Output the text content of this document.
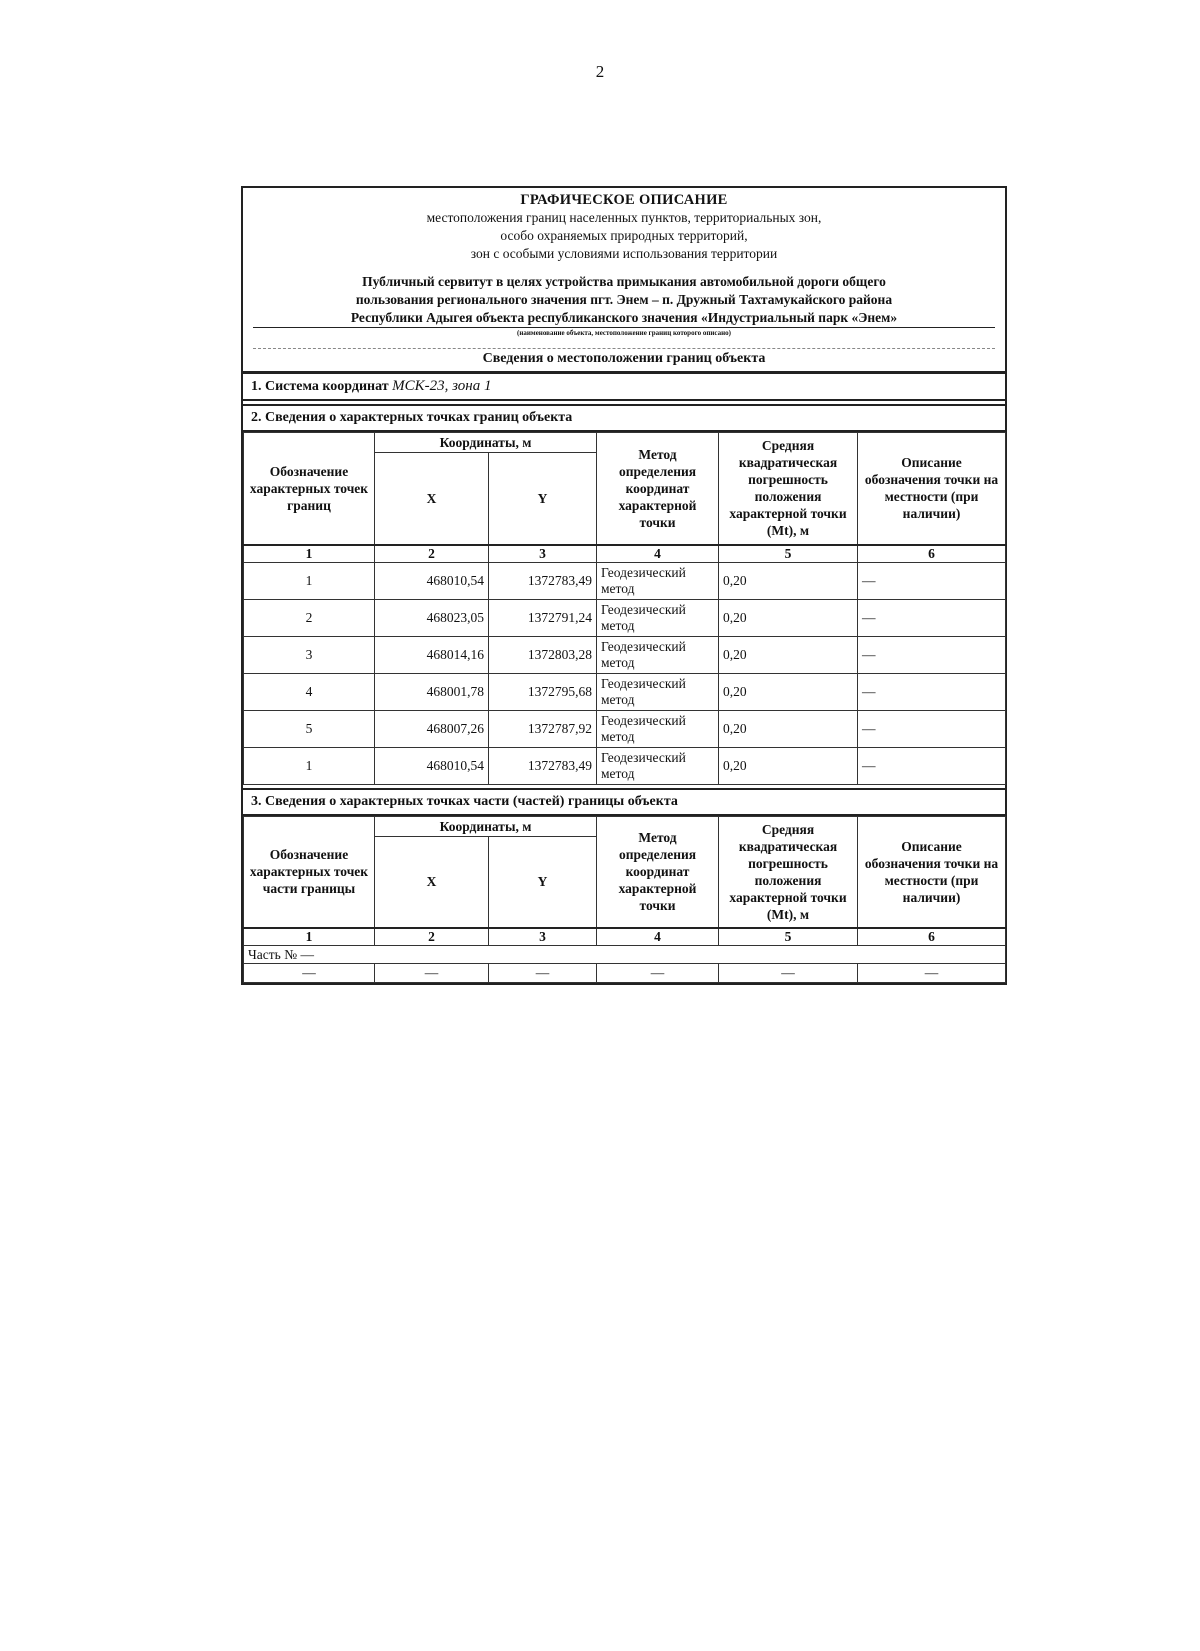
2
ГРАФИЧЕСКОЕ ОПИСАНИЕ
местоположения границ населенных пунктов, территориальных зон,
особо охраняемых природных территорий,
зон с особыми условиями использования территории
Публичный сервитут в целях устройства примыкания автомобильной дороги общего
пользования регионального значения пгт. Энем – п. Дружный Тахтамукайского района
Республики Адыгея объекта республиканского значения «Индустриальный парк «Энем»
(наименование объекта, местоположение границ которого описано)
Сведения о местоположении границ объекта
1. Система координат МСК-23, зона 1
2. Сведения о характерных точках границ объекта
Обозначение характерных точек границ	Координаты, м		Метод определения координат характерной точки	Средняя квадратическая погрешность положения характерной точки (Mt), м	Описание обозначения точки на местности (при наличии)
	X	Y			
1	2	3	4	5	6
1	468010,54	1372783,49	Геодезический метод	0,20	—
2	468023,05	1372791,24	Геодезический метод	0,20	—
3	468014,16	1372803,28	Геодезический метод	0,20	—
4	468001,78	1372795,68	Геодезический метод	0,20	—
5	468007,26	1372787,92	Геодезический метод	0,20	—
1	468010,54	1372783,49	Геодезический метод	0,20	—
3. Сведения о характерных точках части (частей) границы объекта
Обозначение характерных точек части границы	Координаты, м		Метод определения координат характерной точки	Средняя квадратическая погрешность положения характерной точки (Mt), м	Описание обозначения точки на местности (при наличии)
	X	Y			
1	2	3	4	5	6
Часть № —					
—	—	—	—	—	—
